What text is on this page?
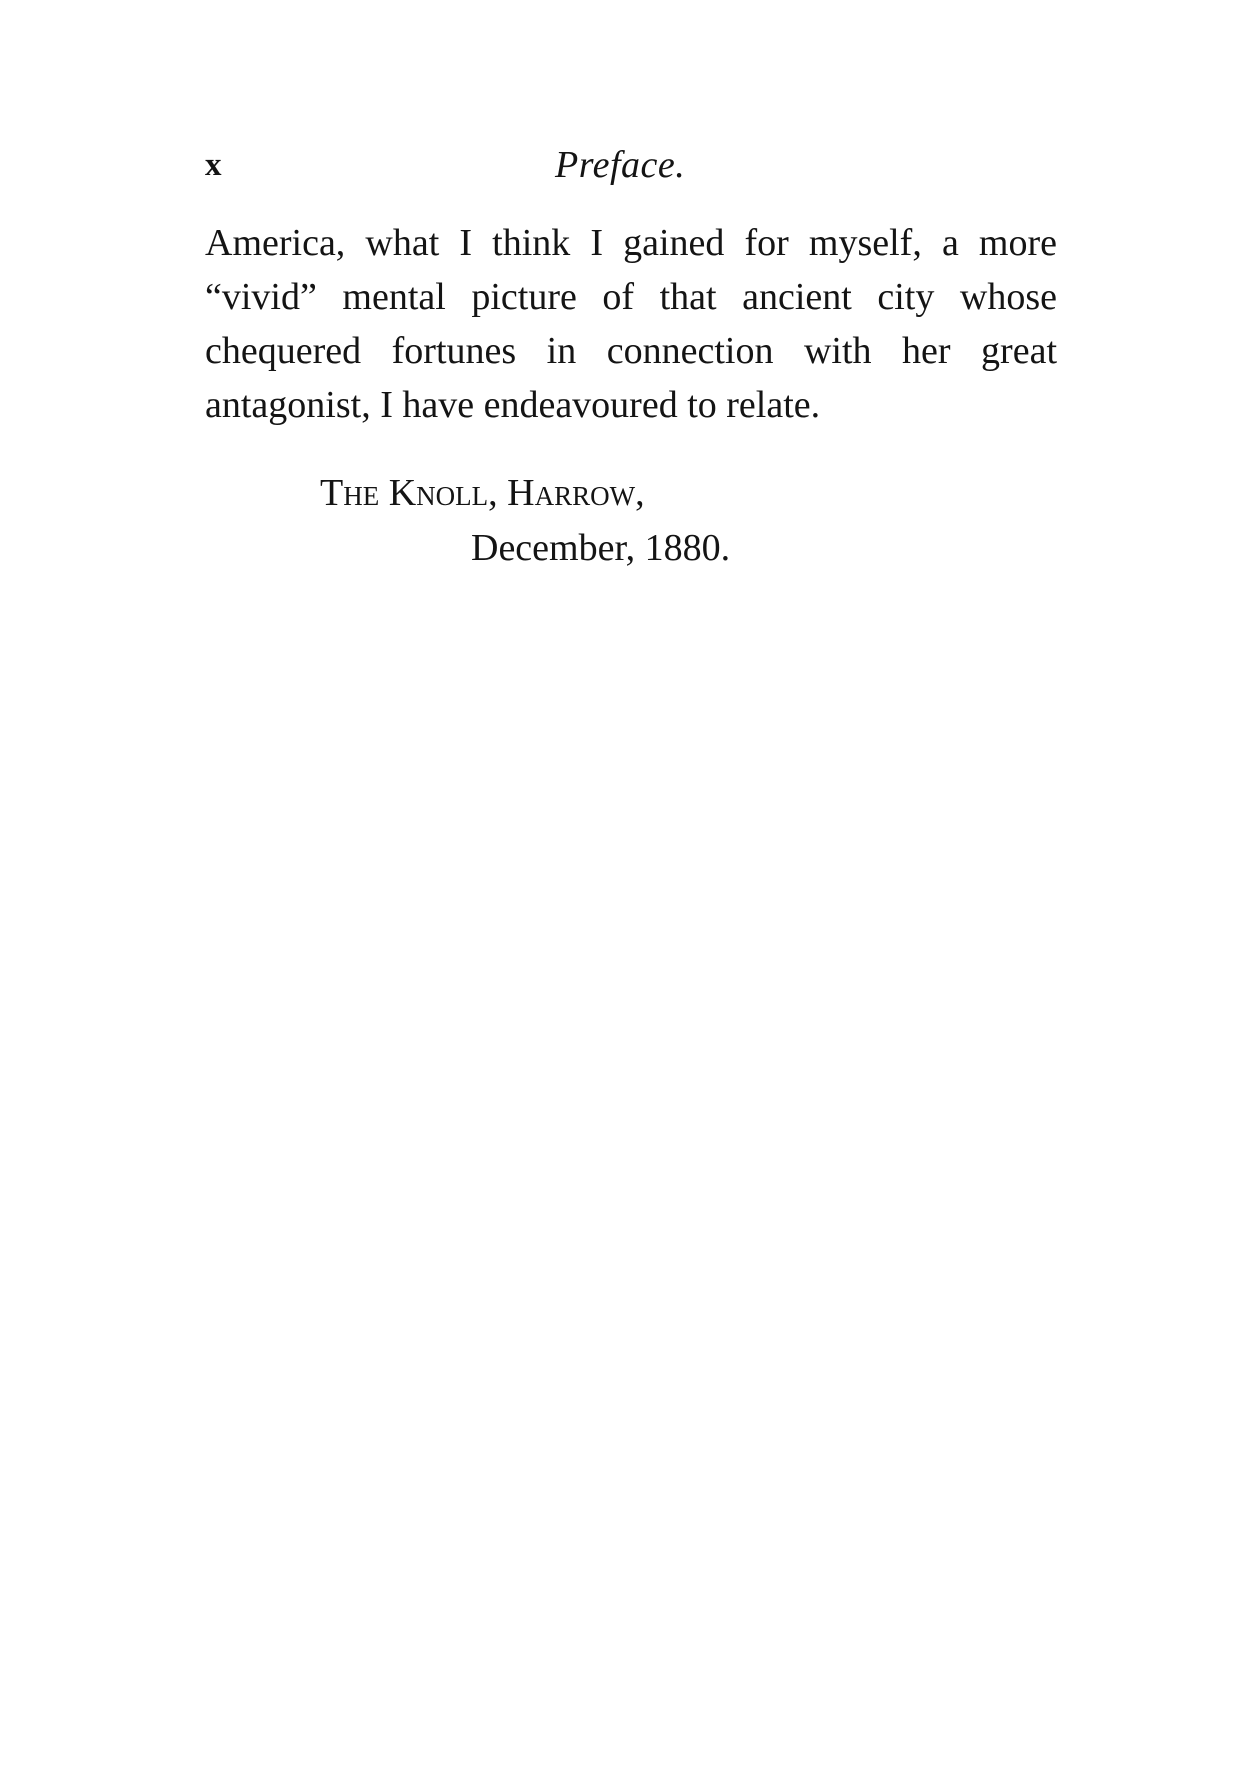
x	Preface.
America, what I think I gained for myself, a more
“vivid” mental picture of that ancient city whose
chequered fortunes in connection with her great
antagonist, I have endeavoured to relate.
The Knoll, Harrow,
December, 1880.
